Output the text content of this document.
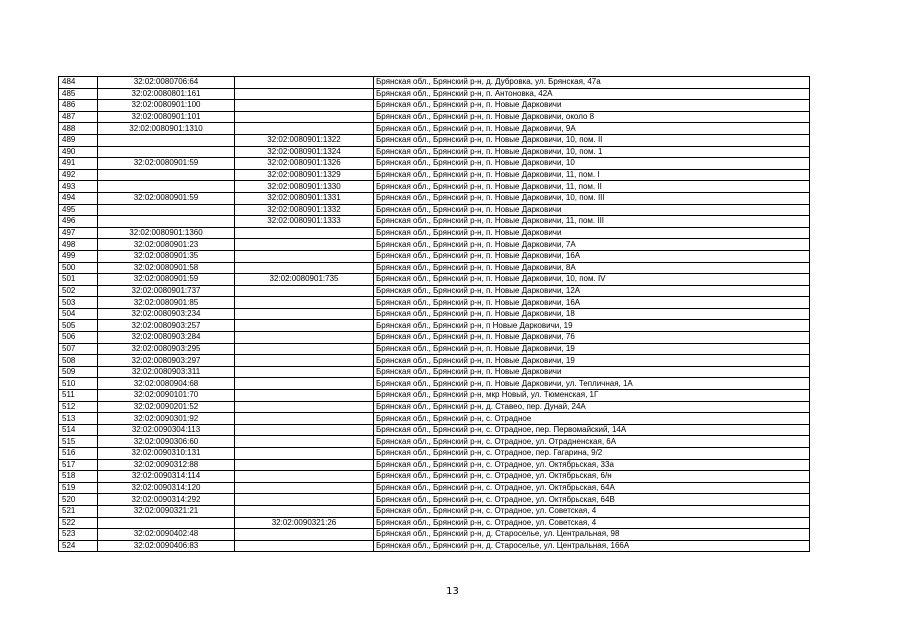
484	32:02:0080706:64		Брянская обл., Брянский р-н, д. Дубровка, ул. Брянская, 47а
485	32:02:0080801:161		Брянская обл., Брянский р-н, п. Антоновка, 42А
486	32:02:0080901:100		Брянская обл., Брянский р-н, п. Новые Дарковичи
487	32:02:0080901:101		Брянская обл., Брянский р-н, п. Новые Дарковичи, около 8
488	32:02:0080901:1310		Брянская обл., Брянский р-н, п. Новые Дарковичи, 9А
489		32:02:0080901:1322	Брянская обл., Брянский р-н, п. Новые Дарковичи, 10, пом. II
490		32:02:0080901:1324	Брянская обл., Брянский р-н, п. Новые Дарковичи, 10, пом. 1
491	32:02:0080901:59	32:02:0080901:1326	Брянская обл., Брянский р-н, п. Новые Дарковичи, 10
492		32:02:0080901:1329	Брянская обл., Брянский р-н, п. Новые Дарковичи, 11, пом. I
493		32:02:0080901:1330	Брянская обл., Брянский р-н, п. Новые Дарковичи, 11, пом. II
494	32:02:0080901:59	32:02:0080901:1331	Брянская обл., Брянский р-н, п. Новые Дарковичи, 10, пом. III
495		32:02:0080901:1332	Брянская обл., Брянский р-н, п. Новые Дарковичи
496		32:02:0080901:1333	Брянская обл., Брянский р-н, п. Новые Дарковичи, 11, пом. III
497	32:02:0080901:1360		Брянская обл., Брянский р-н, п. Новые Дарковичи
498	32:02:0080901:23		Брянская обл., Брянский р-н, п. Новые Дарковичи, 7А
499	32:02:0080901:35		Брянская обл., Брянский р-н, п. Новые Дарковичи, 16А
500	32:02:0080901:58		Брянская обл., Брянский р-н, п. Новые Дарковичи, 8А
501	32:02:0080901:59	32:02:0080901:735	Брянская обл., Брянский р-н, п. Новые Дарковичи, 10, пом. IV
502	32:02:0080901:737		Брянская обл., Брянский р-н, п. Новые Дарковичи, 12А
503	32:02:0080901:85		Брянская обл., Брянский р-н, п. Новые Дарковичи, 16А
504	32:02:0080903:234		Брянская обл., Брянский р-н, п. Новые Дарковичи, 18
505	32:02:0080903:257		Брянская обл., Брянский р-н, п Новые Дарковичи, 19
506	32:02:0080903:284		Брянская обл., Брянский р-н, п. Новые Дарковичи, 76
507	32:02:0080903:295		Брянская обл., Брянский р-н, п. Новые Дарковичи, 19
508	32:02:0080903:297		Брянская обл., Брянский р-н, п. Новые Дарковичи, 19
509	32:02:0080903:311		Брянская обл., Брянский р-н, п. Новые Дарковичи
510	32:02:0080904:68		Брянская обл., Брянский р-н, п. Новые Дарковичи, ул. Тепличная, 1А
511	32:02:0090101:70		Брянская обл., Брянский р-н, мкр Новый, ул. Тюменская, 1Г
512	32:02:0090201:52		Брянская обл., Брянский р-н, д. Ставео, пер. Дунай, 24А
513	32:02:0090301:92		Брянская обл., Брянский р-н, с. Отрадное
514	32:02:0090304:113		Брянская обл., Брянский р-н, с. Отрадное, пер. Первомайский, 14А
515	32:02:0090306:60		Брянская обл., Брянский р-н, с. Отрадное, ул. Отрадненская, 6А
516	32:02:0090310:131		Брянская обл., Брянский р-н, с. Отрадное, пер. Гагарина, 9/2
517	32:02:0090312:88		Брянская обл., Брянский р-н, с. Отрадное, ул. Октябрьская, 33а
518	32:02:0090314:114		Брянская обл., Брянский р-н, с. Отрадное, ул. Октябрьская, 6/н
519	32:02:0090314:120		Брянская обл., Брянский р-н, с. Отрадное, ул. Октябрьская, 64А
520	32:02:0090314:292		Брянская обл., Брянский р-н, с. Отрадное, ул. Октябрьская, 64В
521	32:02:0090321:21		Брянская обл., Брянский р-н, с. Отрадное, ул. Советская, 4
522		32:02:0090321:26	Брянская обл., Брянский р-н, с. Отрадное, ул. Советская, 4
523	32:02:0090402:48		Брянская обл., Брянский р-н, д. Староселье, ул. Центральная, 98
524	32:02:0090406:83		Брянская обл., Брянский р-н, д. Староселье, ул. Центральная, 166А
13
